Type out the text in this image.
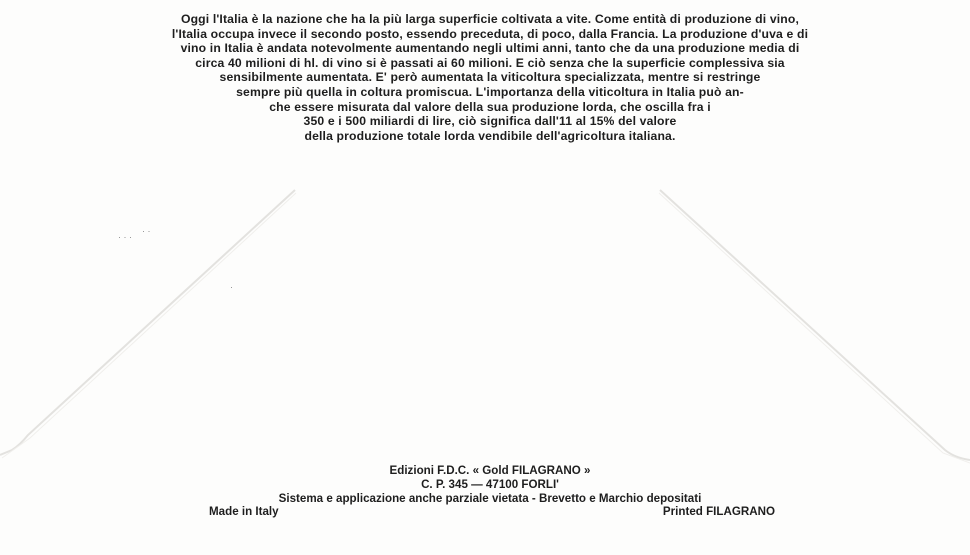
· · ·
· ·
·
Oggi l'Italia è la nazione che ha la più larga superficie coltivata a vite. Come entità di produzione di vino,
l'Italia occupa invece il secondo posto, essendo preceduta, di poco, dalla Francia. La produzione d'uva e di
vino in Italia è andata notevolmente aumentando negli ultimi anni, tanto che da una produzione media di
circa 40 milioni di hl. di vino si è passati ai 60 milioni. E ciò senza che la superficie complessiva sia
sensibilmente aumentata. E' però aumentata la viticoltura specializzata, mentre si restringe
sempre più quella in coltura promiscua. L'importanza della viticoltura in Italia può an-
che essere misurata dal valore della sua produzione lorda, che oscilla fra i
350 e i 500 miliardi di lire, ciò significa dall'11 al 15% del valore
della produzione totale lorda vendibile dell'agricoltura italiana.
Edizioni F.D.C. « Gold FILAGRANO »
C. P. 345 — 47100 FORLI'
Sistema e applicazione anche parziale vietata - Brevetto e Marchio depositati
Made in Italy	Printed FILAGRANO
